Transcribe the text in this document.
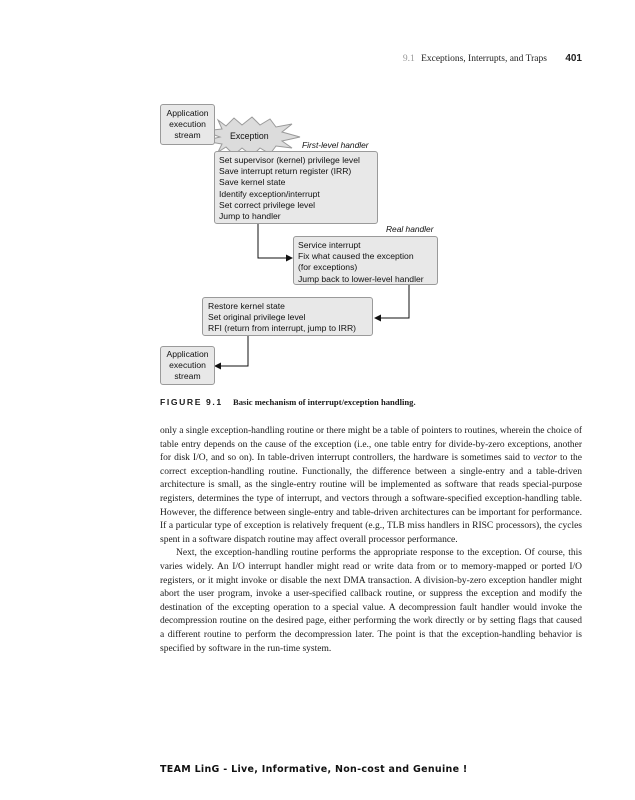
9.1 Exceptions, Interrupts, and Traps 401
Application
execution
stream	Exception
First-level handler
Set supervisor (kernel) privilege level
Save interrupt return register (IRR)
Save kernel state
Identify exception/interrupt
Set correct privilege level
Jump to handler
Real handler
Service interrupt
Fix what caused the exception
(for exceptions)
Jump back to lower-level handler
Restore kernel state
Set original privilege level
RFI (return from interrupt, jump to IRR)
Application
execution
stream
FIGURE 9.1 Basic mechanism of interrupt/exception handling.

only a single exception-handling routine or there might be a table of pointers to routines, wherein the choice of table entry depends on the cause of the exception (i.e., one table entry for divide-by-zero exceptions, another for disk I/O, and so on). In table-driven interrupt controllers, the hardware is sometimes said to vector to the correct exception-handling routine. Functionally, the difference between a single-entry and a table-driven architecture is small, as the single-entry routine will be implemented as software that reads special-purpose registers, determines the type of interrupt, and vectors through a software-specified exception-handling table. However, the difference between single-entry and table-driven architectures can be important for performance. If a particular type of exception is relatively frequent (e.g., TLB miss handlers in RISC processors), the cycles spent in a software dispatch routine may affect overall processor performance.

Next, the exception-handling routine performs the appropriate response to the exception. Of course, this varies widely. An I/O interrupt handler might read or write data from or to memory-mapped or ported I/O registers, or it might invoke or disable the next DMA transaction. A division-by-zero exception handler might abort the user program, invoke a user-specified callback routine, or suppress the exception and modify the destination of the excepting operation to a special value. A decompression fault handler would invoke the decompression routine on the desired page, either performing the work directly or by setting flags that caused a different routine to perform the decompression later. The point is that the exception-handling behavior is specified by software in the run-time system.

TEAM LinG - Live, Informative, Non-cost and Genuine !
